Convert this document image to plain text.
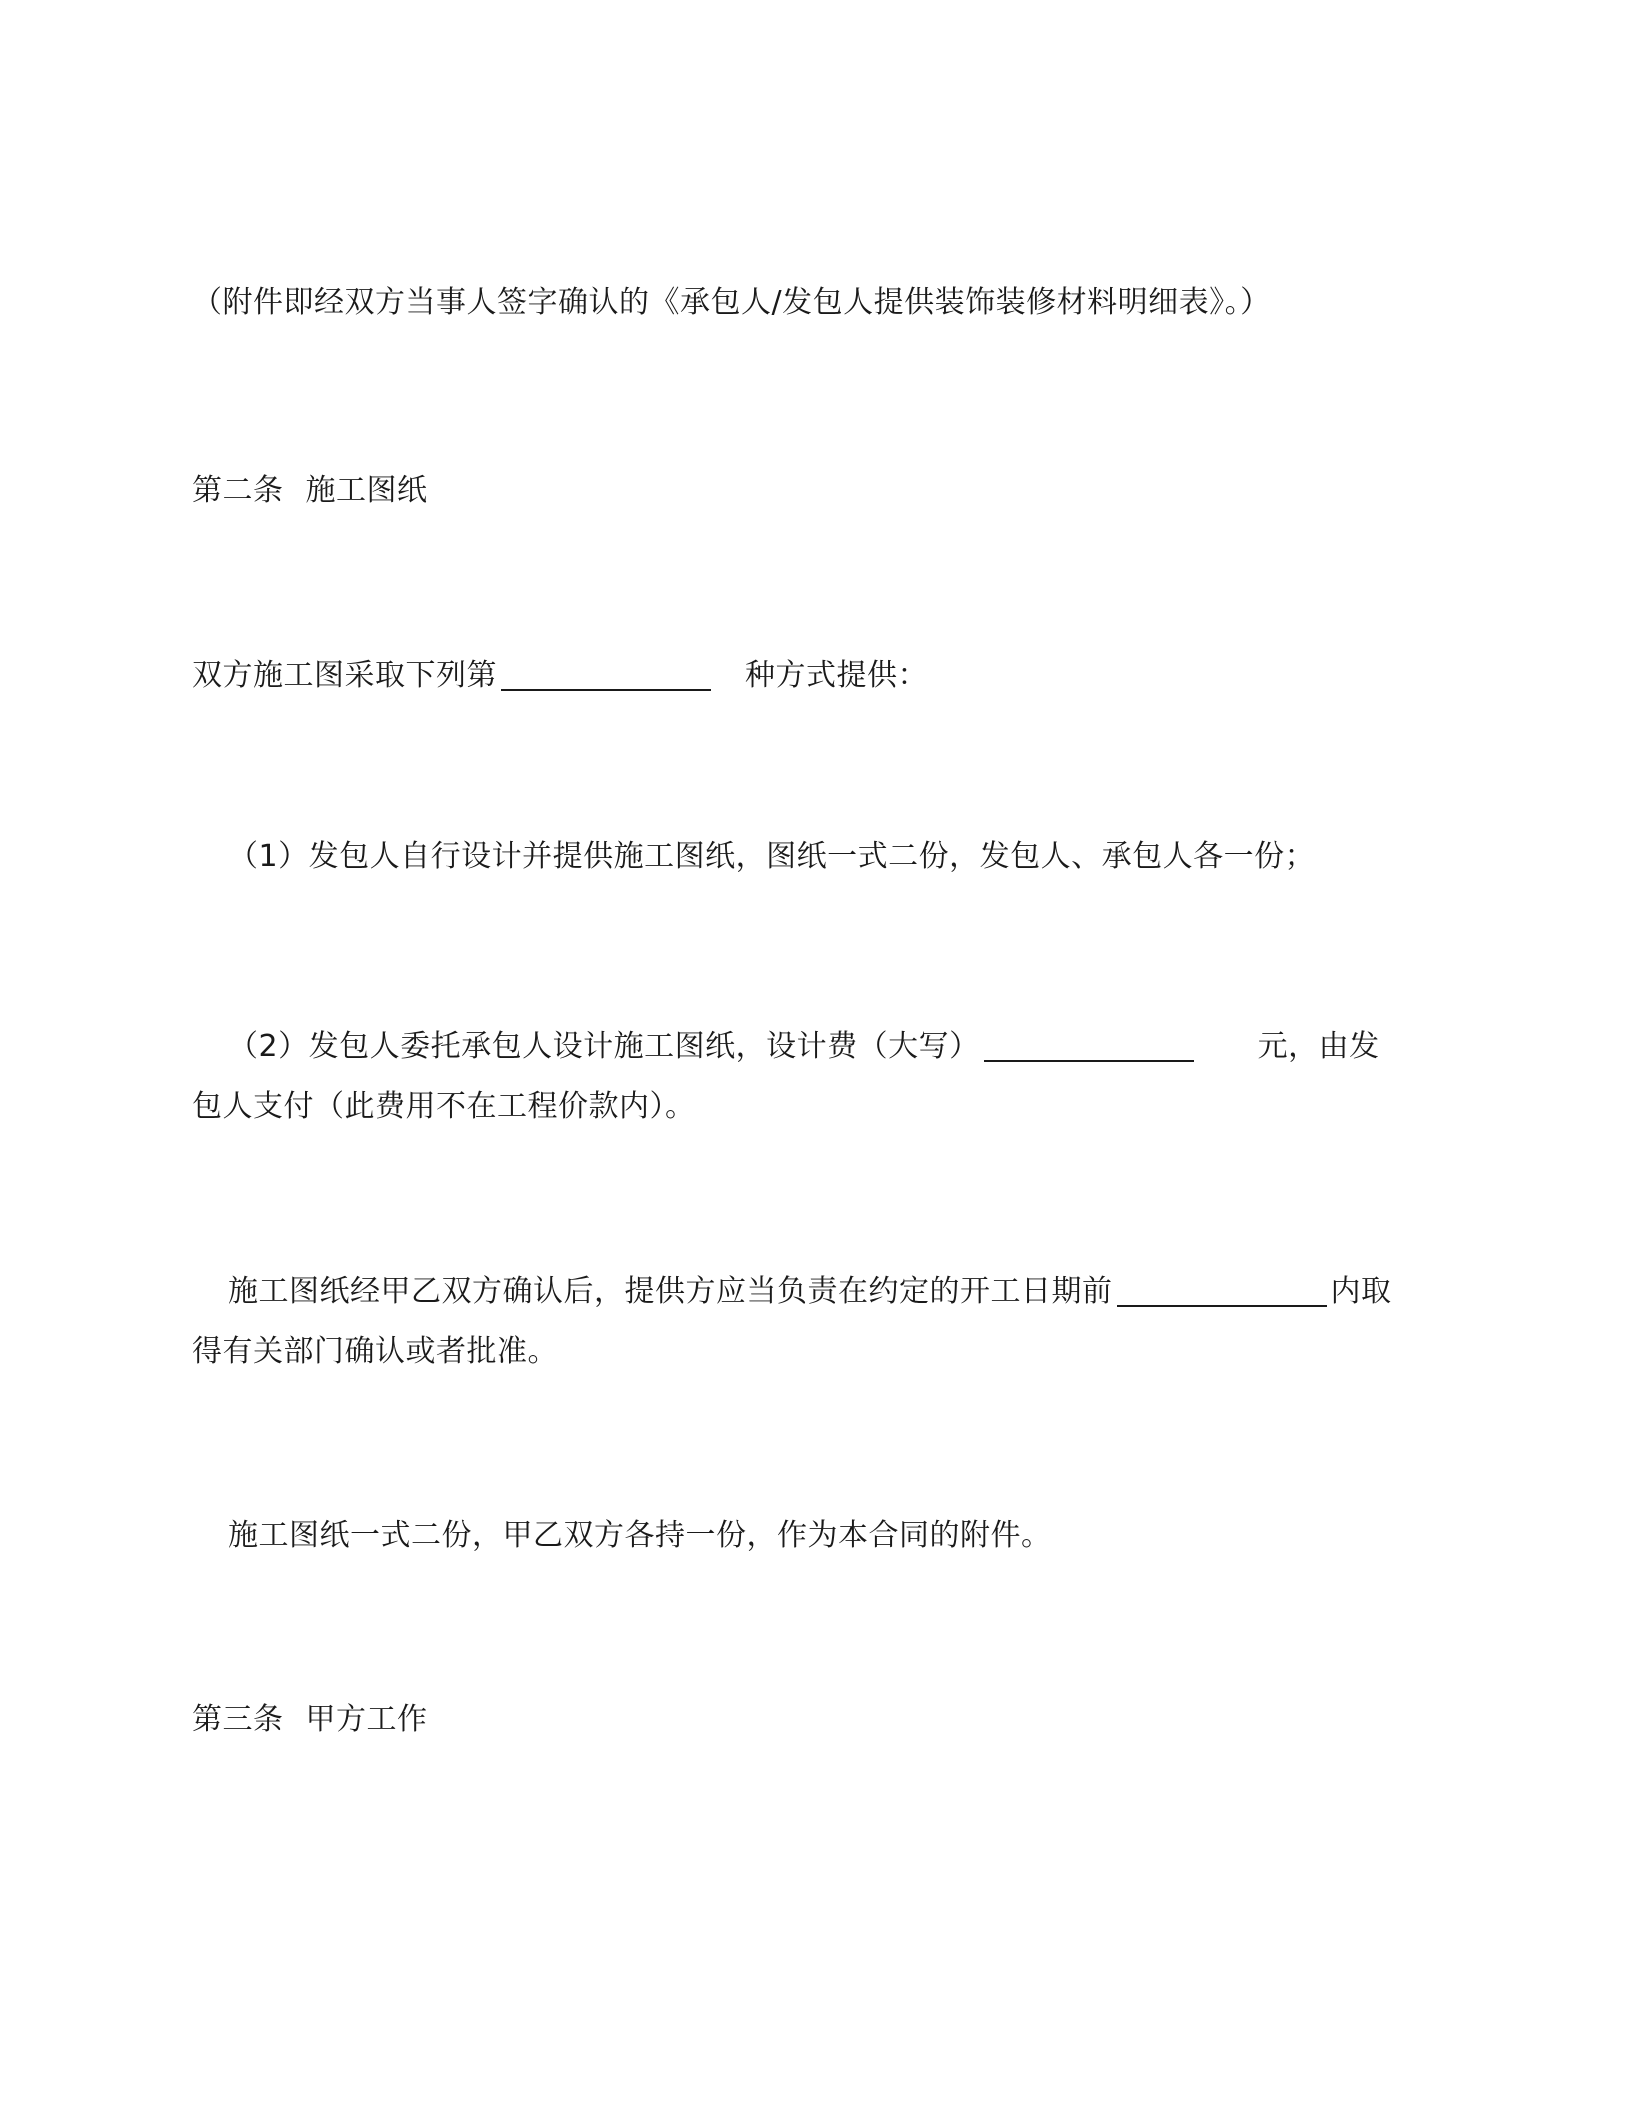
（附件即经双方当事人签字确认的《承包人/发包人提供装饰装修材料明细表》。）
第二条 施工图纸
双方施工图采取下列第	种方式提供：
（1）发包人自行设计并提供施工图纸，图纸一式二份，发包人、承包人各一份；
（2）发包人委托承包人设计施工图纸，设计费（大写）	元，由发
包人支付（此费用不在工程价款内）。
施工图纸经甲乙双方确认后，提供方应当负责在约定的开工日期前	内取
得有关部门确认或者批准。
施工图纸一式二份，甲乙双方各持一份，作为本合同的附件。
第三条 甲方工作
